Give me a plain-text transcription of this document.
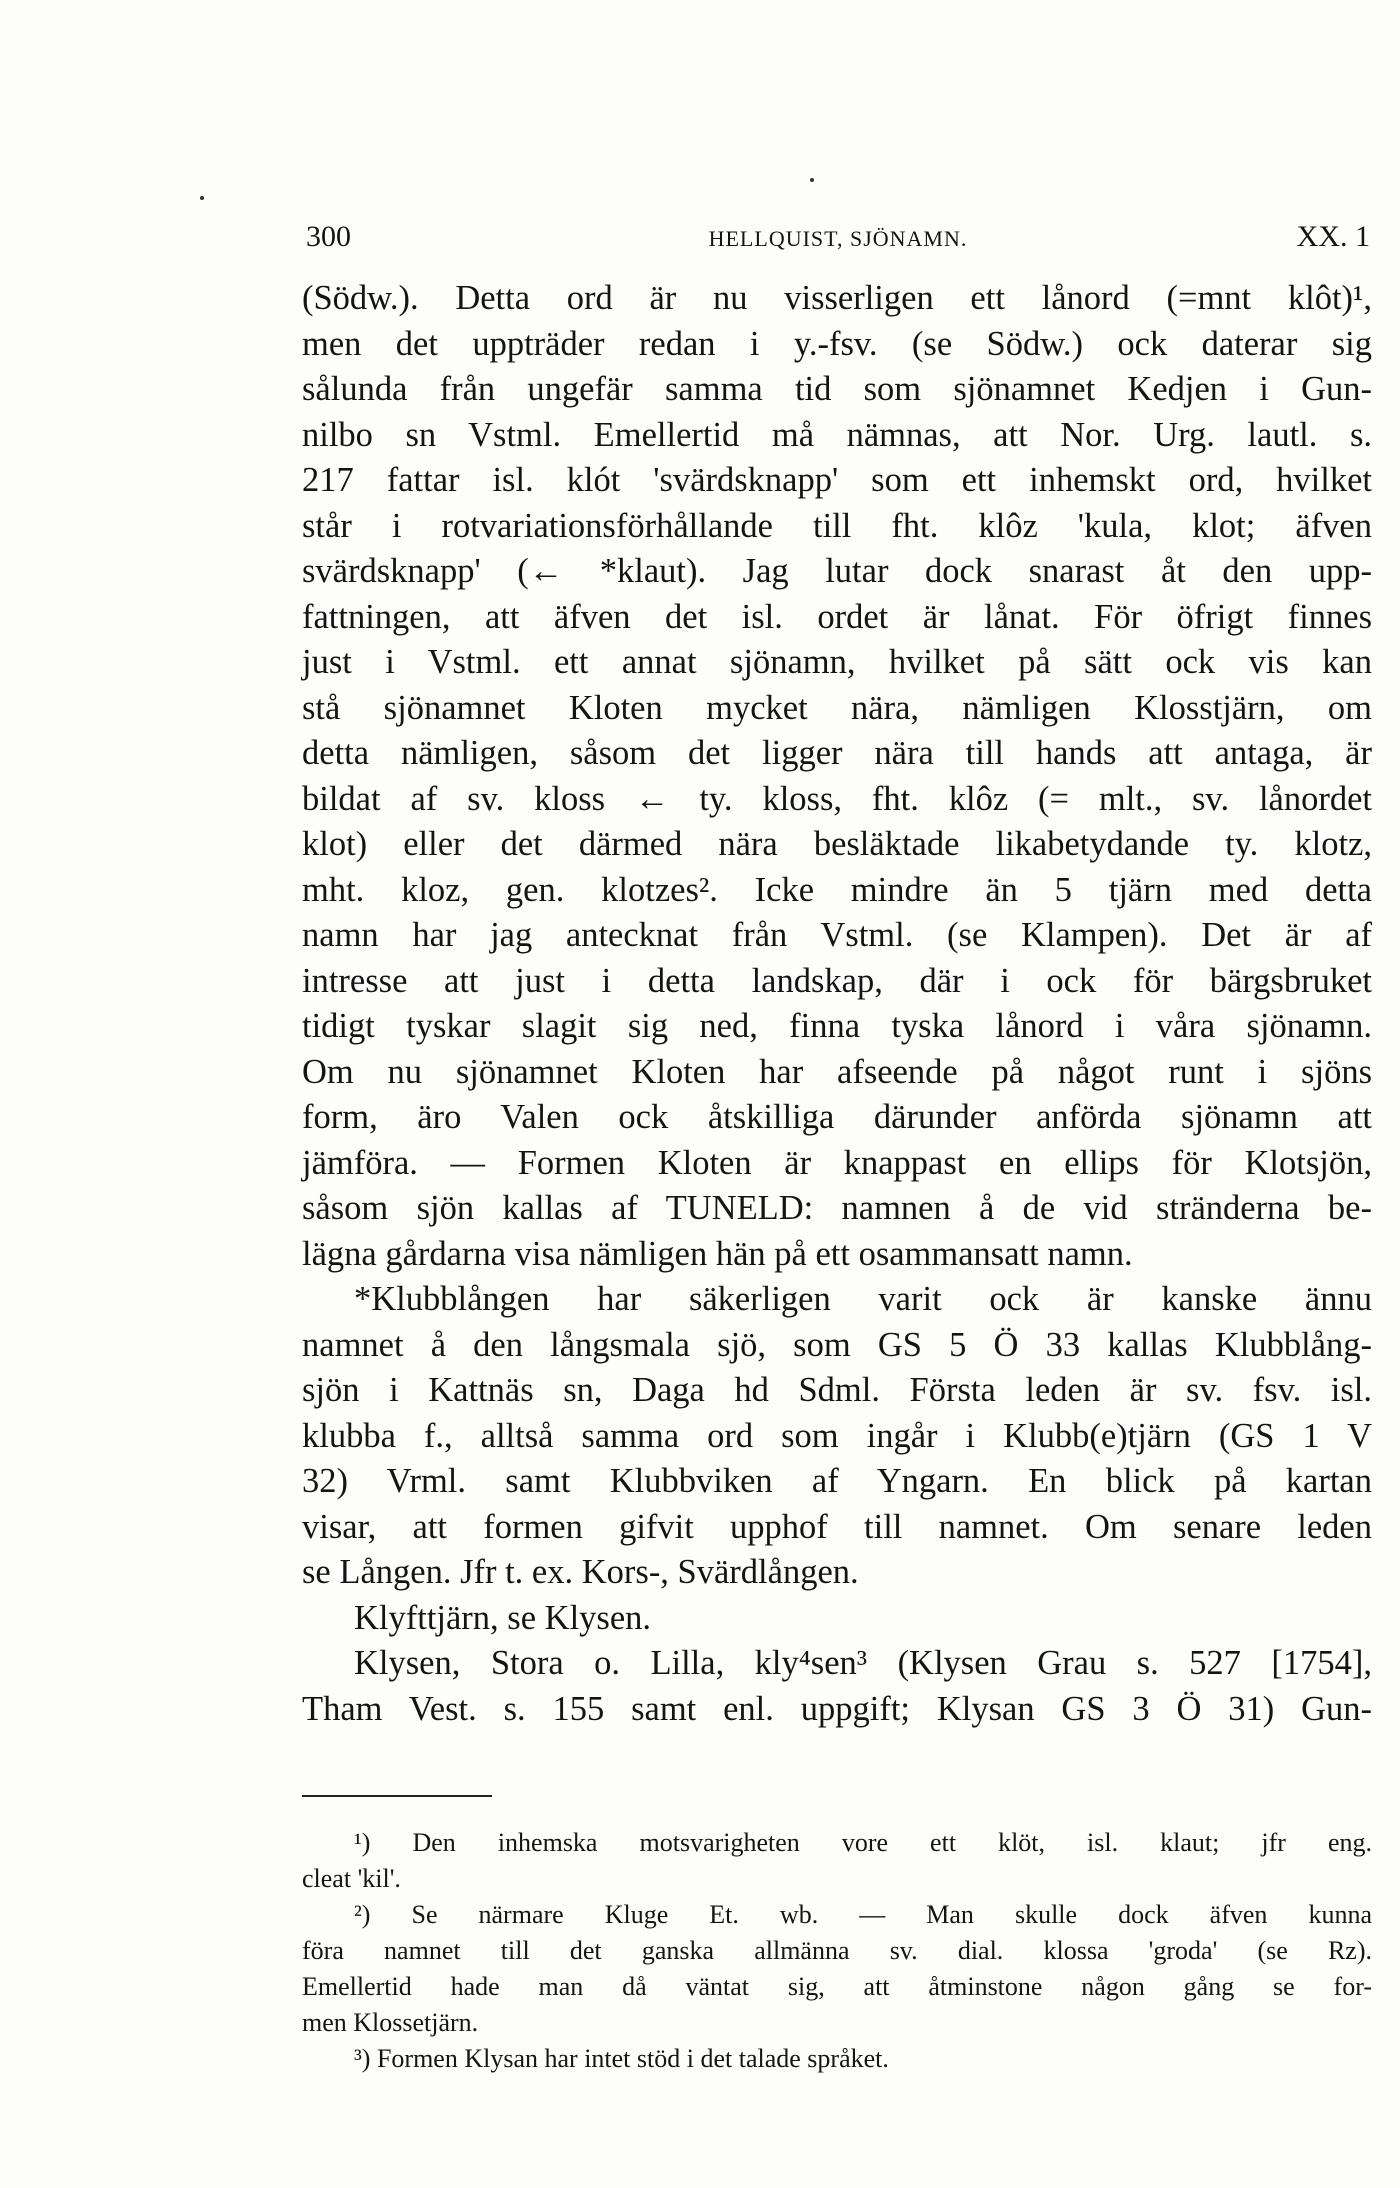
300	HELLQUIST, SJÖNAMN.	XX. 1
(Södw.). Detta ord är nu visserligen ett lånord (=mnt klôt)¹,
men det uppträder redan i y.-fsv. (se Södw.) ock daterar sig
sålunda från ungefär samma tid som sjönamnet Kedjen i Gun-
nilbo sn Vstml. Emellertid må nämnas, att Nor. Urg. lautl. s.
217 fattar isl. klót 'svärdsknapp' som ett inhemskt ord, hvilket
står i rotvariationsförhållande till fht. klôz 'kula, klot; äfven
svärdsknapp' (← *klaut). Jag lutar dock snarast åt den upp-
fattningen, att äfven det isl. ordet är lånat. För öfrigt finnes
just i Vstml. ett annat sjönamn, hvilket på sätt ock vis kan
stå sjönamnet Kloten mycket nära, nämligen Klosstjärn, om
detta nämligen, såsom det ligger nära till hands att antaga, är
bildat af sv. kloss ← ty. kloss, fht. klôz (= mlt., sv. lånordet
klot) eller det därmed nära besläktade likabetydande ty. klotz,
mht. kloz, gen. klotzes². Icke mindre än 5 tjärn med detta
namn har jag antecknat från Vstml. (se Klampen). Det är af
intresse att just i detta landskap, där i ock för bärgsbruket
tidigt tyskar slagit sig ned, finna tyska lånord i våra sjönamn.
Om nu sjönamnet Kloten har afseende på något runt i sjöns
form, äro Valen ock åtskilliga därunder anförda sjönamn att
jämföra. — Formen Kloten är knappast en ellips för Klotsjön,
såsom sjön kallas af TUNELD: namnen å de vid stränderna be-
lägna gårdarna visa nämligen hän på ett osammansatt namn.
*Klubblången har säkerligen varit ock är kanske ännu
namnet å den långsmala sjö, som GS 5 Ö 33 kallas Klubblång-
sjön i Kattnäs sn, Daga hd Sdml. Första leden är sv. fsv. isl.
klubba f., alltså samma ord som ingår i Klubb(e)tjärn (GS 1 V
32) Vrml. samt Klubbviken af Yngarn. En blick på kartan
visar, att formen gifvit upphof till namnet. Om senare leden
se Lången. Jfr t. ex. Kors-, Svärdlången.
Klyfttjärn, se Klysen.
Klysen, Stora o. Lilla, kly⁴sen³ (Klysen Grau s. 527 [1754],
Tham Vest. s. 155 samt enl. uppgift; Klysan GS 3 Ö 31) Gun-
¹) Den inhemska motsvarigheten vore ett klöt, isl. klaut; jfr eng.
cleat 'kil'.
²) Se närmare Kluge Et. wb. — Man skulle dock äfven kunna
föra namnet till det ganska allmänna sv. dial. klossa 'groda' (se Rz).
Emellertid hade man då väntat sig, att åtminstone någon gång se for-
men Klossetjärn.
³) Formen Klysan har intet stöd i det talade språket.
